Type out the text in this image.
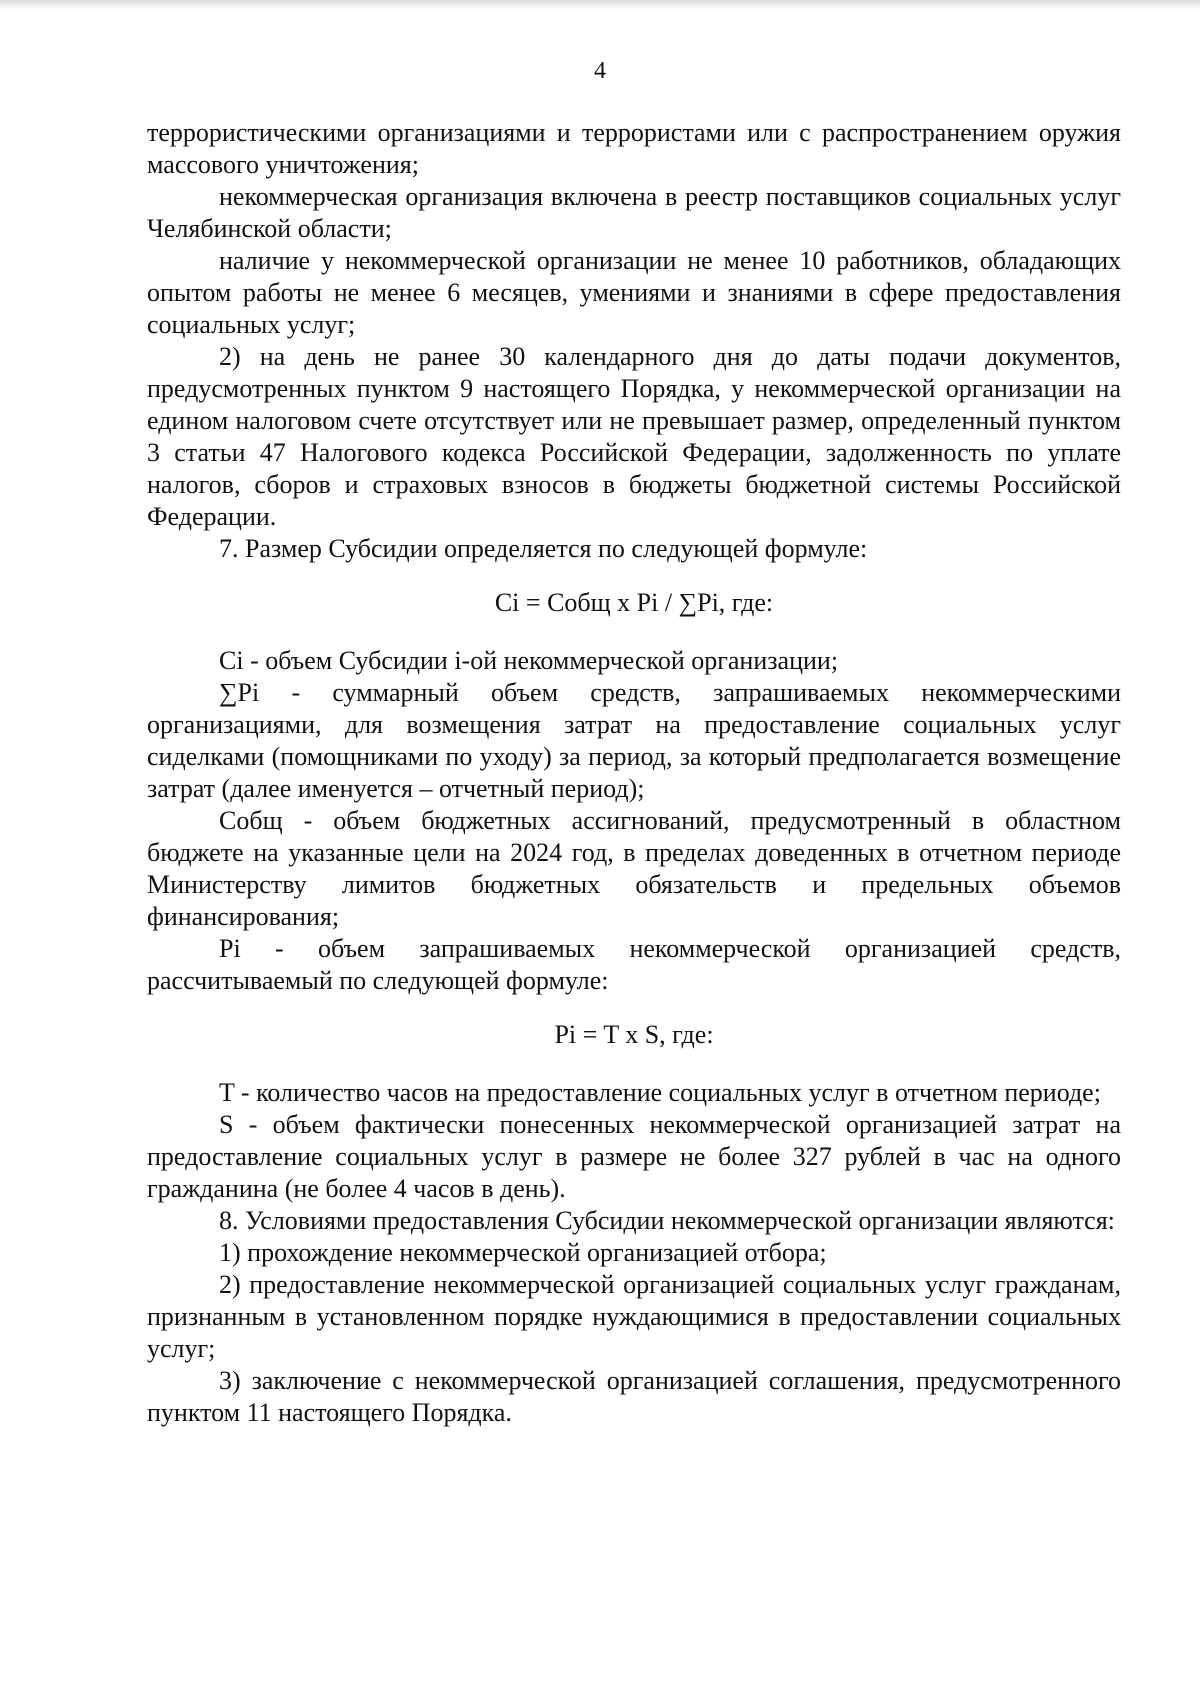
4

террористическими организациями и террористами или с распространением оружия массового уничтожения;

некоммерческая организация включена в реестр поставщиков социальных услуг Челябинской области;

наличие у некоммерческой организации не менее 10 работников, обладающих опытом работы не менее 6 месяцев, умениями и знаниями в сфере предоставления социальных услуг;

2) на день не ранее 30 календарного дня до даты подачи документов, предусмотренных пунктом 9 настоящего Порядка, у некоммерческой организации на едином налоговом счете отсутствует или не превышает размер, определенный пунктом 3 статьи 47 Налогового кодекса Российской Федерации, задолженность по уплате налогов, сборов и страховых взносов в бюджеты бюджетной системы Российской Федерации.

7. Размер Субсидии определяется по следующей формуле:

Ci = Cобщ x Pi / ∑Pi, где:

Ci - объем Субсидии i-ой некоммерческой организации;

∑Pi - суммарный объем средств, запрашиваемых некоммерческими организациями, для возмещения затрат на предоставление социальных услуг сиделками (помощниками по уходу) за период, за который предполагается возмещение затрат (далее именуется – отчетный период);

Cобщ - объем бюджетных ассигнований, предусмотренный в областном бюджете на указанные цели на 2024 год, в пределах доведенных в отчетном периоде Министерству лимитов бюджетных обязательств и предельных объемов финансирования;

Pi - объем запрашиваемых некоммерческой организацией средств, рассчитываемый по следующей формуле:

Pi = T x S, где:

T - количество часов на предоставление социальных услуг в отчетном периоде;

S - объем фактически понесенных некоммерческой организацией затрат на предоставление социальных услуг в размере не более 327 рублей в час на одного гражданина (не более 4 часов в день).

8. Условиями предоставления Субсидии некоммерческой организации являются:

1) прохождение некоммерческой организацией отбора;

2) предоставление некоммерческой организацией социальных услуг гражданам, признанным в установленном порядке нуждающимися в предоставлении социальных услуг;

3) заключение с некоммерческой организацией соглашения, предусмотренного пунктом 11 настоящего Порядка.
